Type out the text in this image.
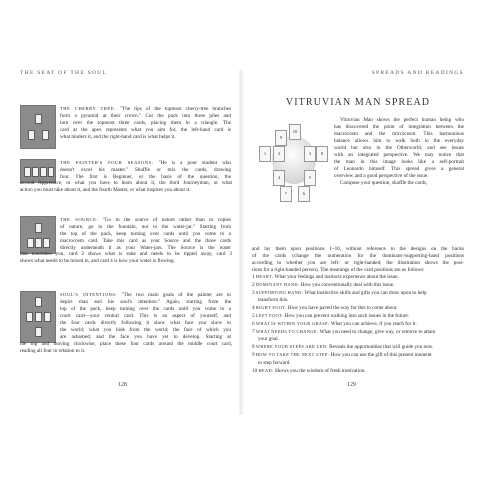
THE SEAT OF THE SOUL
THE CHERRY TREE: "The tips of the topmost cherry-tree branches
form a pyramid at their crown." Cut the pack into three piles and
turn over the topmost three cards, placing them in a triangle. The
card at the apex represents what you aim for, the left-hand card is
what hinders it, and the right-hand card is what helps it.
THE PAINTER'S FOUR SEASONS: "He is a poor student who
doesn't excel his master." Shuffle or mix the cards, drawing
four. The first is Beginner, or the basis of the question, the
second Apprentice, or what you have to learn about it, the third Journeyman, or what
action you must take about it, and the fourth Master, or what inspires you about it.
THE SOURCE: "Go to the source of nature rather than to copies
of nature; go to the fountain, not to the water-jar." Starting from
the top of the pack, keep turning over cards until you come to a
macrocosm card. Take this card as your Source and the three cards
directly underneath it as your Water-jars. The Source is the water
that nourishes you, card 2 shows what is stale and needs to be tipped away, card 3
shows what needs to be mixed in, and card 4 is how your water is flowing.
SOUL'S INTENTIONS: "The two main goals of the painter are to
depict man and his soul's intention." Again, starting from the
top of the pack, keep turning over the cards until you come to a
court card—your central card. This is an aspect of yourself, and
the four cards directly following it show what face you show to
the world; what you hide from the world; the face of which you
are ashamed; and the face you have yet to develop. Starting at
the top and moving clockwise, place these four cards around the middle court card,
reading all four in relation to it.
128
SPREADS AND READINGS
VITRUVIAN MAN SPREAD
10
9
1	2	3	8
4	5
7	6
Vitruvian Man shows the perfect human being who
has discovered the point of integration between the
macrocosm and the microcosm. This harmonious
balance allows him to walk both in the everyday
world but also in the Otherworld, and see issues
with an integrated perspective. We may notice that
the man in this image looks like a self-portrait
of Leonardo himself. This spread gives a general
overview and a good perspective of the issue.
Compose your question, shuffle the cards,
and lay them upon positions 1–10, without reference to the designs on the backs
of the cards (change the numeration for the dominant-/supporting-hand positions
according to whether you are left- or right-handed; the illustration shows the posi-
tions for a right-handed person). The meanings of the card positions are as follows:
1 HEART: What your feelings and instincts experience about the issue.
2 DOMINANT HAND: How you conventionally deal with this issue.
3 SUPPORTING HAND: What instinctive skills and gifts you can draw upon to help
transform this.
4 RIGHT FOOT: How you have paved the way for this to come about.
5 LEFT FOOT: How you can prevent walking into such issues in the future.
6 WHAT IS WITHIN YOUR GRASP: What you can achieve, if you reach for it.
7 WHAT NEEDS TO CHANGE: What you need to change, give way, or remove to attain
your goal.
8 WHERE YOUR STEPS ARE LED: Reveals the opportunities that will guide you now.
9 HOW TO TAKE THE NEXT STEP: How you can use the gift of this present moment
to step forward.
10 HEAD: Shows you the wisdom of fresh motivation.
129
